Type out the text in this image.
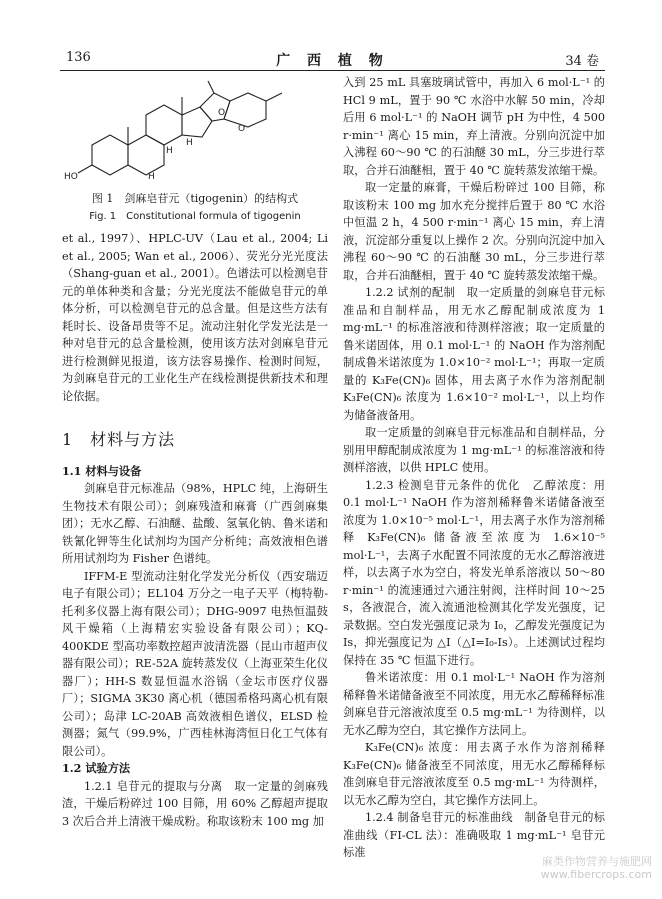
136	广 西 植 物	34 卷
H
H
H
O
O
HO
图 1　剑麻皂苷元（tigogenin）的结构式
Fig. 1　Constitutional formula of tigogenin

et al., 1997）、HPLC-UV（Lau et al., 2004; Li et al., 2005; Wan et al., 2006）、荧光分光光度法（Shang-guan et al., 2001）。色谱法可以检测皂苷元的单体种类和含量；分光光度法不能做皂苷元的单体分析，可以检测皂苷元的总含量。但是这些方法有耗时长、设备昂贵等不足。流动注射化学发光法是一种对皂苷元的总含量检测，使用该方法对剑麻皂苷元进行检测鲜见报道，该方法容易操作、检测时间短，为剑麻皂苷元的工业化生产在线检测提供新技术和理论依据。

1　材料与方法

1.1 材料与设备

剑麻皂苷元标准品（98%，HPLC 纯，上海研生生物技术有限公司）；剑麻残渣和麻膏（广西剑麻集团）；无水乙醇、石油醚、盐酸、氢氧化钠、鲁米诺和铁氰化钾等生化试剂均为国产分析纯；高效液相色谱所用试剂均为 Fisher 色谱纯。

IFFM-E 型流动注射化学发光分析仪（西安瑞迈电子有限公司）；EL104 万分之一电子天平（梅特勒-托利多仪器上海有限公司）；DHG-9097 电热恒温鼓风干燥箱（上海精宏实验设备有限公司）；KQ-400KDE 型高功率数控超声波清洗器（昆山市超声仪器有限公司）；RE-52A 旋转蒸发仪（上海亚荣生化仪器厂）；HH-S 数显恒温水浴锅（金坛市医疗仪器厂）；SIGMA 3K30 离心机（德国希格玛离心机有限公司）；岛津 LC-20AB 高效液相色谱仪，ELSD 检测器；氮气（99.9%，广西桂林海湾恒日化工气体有限公司）。

1.2 试验方法

1.2.1 皂苷元的提取与分离　取一定量的剑麻残渣，干燥后粉碎过 100 目筛，用 60% 乙醇超声提取 3 次后合并上清液干燥成粉。称取该粉末 100 mg 加

入到 25 mL 具塞玻璃试管中，再加入 6 mol·L⁻¹ 的 HCl 9 mL，置于 90 ℃ 水浴中水解 50 min，冷却后用 6 mol·L⁻¹ 的 NaOH 调节 pH 为中性，4 500 r·min⁻¹ 离心 15 min，弃上清液。分别向沉淀中加入沸程 60～90 ℃ 的石油醚 30 mL，分三步进行萃取，合并石油醚相，置于 40 ℃ 旋转蒸发浓缩干燥。

取一定量的麻膏，干燥后粉碎过 100 目筛，称取该粉末 100 mg 加水充分搅拌后置于 80 ℃ 水浴中恒温 2 h，4 500 r·min⁻¹ 离心 15 min，弃上清液，沉淀部分重复以上操作 2 次。分别向沉淀中加入沸程 60～90 ℃ 的石油醚 30 mL，分三步进行萃取，合并石油醚相，置于 40 ℃ 旋转蒸发浓缩干燥。

1.2.2 试剂的配制　取一定质量的剑麻皂苷元标准品和自制样品，用无水乙醇配制成浓度为 1 mg·mL⁻¹ 的标准溶液和待测样溶液；取一定质量的鲁米诺固体，用 0.1 mol·L⁻¹ 的 NaOH 作为溶剂配制成鲁米诺浓度为 1.0×10⁻² mol·L⁻¹；再取一定质量的 K₃Fe(CN)₆ 固体，用去离子水作为溶剂配制 K₃Fe(CN)₆ 浓度为 1.6×10⁻² mol·L⁻¹，以上均作为储备液备用。

取一定质量的剑麻皂苷元标准品和自制样品，分别用甲醇配制成浓度为 1 mg·mL⁻¹ 的标准溶液和待测样溶液，以供 HPLC 使用。

1.2.3 检测皂苷元条件的优化　乙醇浓度：用 0.1 mol·L⁻¹ NaOH 作为溶剂稀释鲁米诺储备液至浓度为 1.0×10⁻⁵ mol·L⁻¹，用去离子水作为溶剂稀释 K₃Fe(CN)₆ 储备液至浓度为 1.6×10⁻⁵ mol·L⁻¹，去离子水配置不同浓度的无水乙醇溶液进样，以去离子水为空白，将发光单系溶液以 50～80 r·min⁻¹ 的流速通过六通注射阀，注样时间 10～25 s，各液混合，流入流通池检测其化学发光强度，记录数据。空白发光强度记录为 I₀，乙醇发光强度记为 Is，抑光强度记为 △I（△I=I₀-Is）。上述测试过程均保持在 35 ℃ 恒温下进行。

鲁米诺浓度：用 0.1 mol·L⁻¹ NaOH 作为溶剂稀释鲁米诺储备液至不同浓度，用无水乙醇稀释标准剑麻皂苷元溶液浓度至 0.5 mg·mL⁻¹ 为待测样，以无水乙醇为空白，其它操作方法同上。

K₃Fe(CN)₆ 浓度：用去离子水作为溶剂稀释 K₃Fe(CN)₆ 储备液至不同浓度，用无水乙醇稀释标准剑麻皂苷元溶液浓度至 0.5 mg·mL⁻¹ 为待测样，以无水乙醇为空白，其它操作方法同上。

1.2.4 制备皂苷元的标准曲线　制备皂苷元的标准曲线（FI-CL 法）：准确吸取 1 mg·mL⁻¹ 皂苷元标准

麻类作物营养与施肥网
www.fibercrops.com
